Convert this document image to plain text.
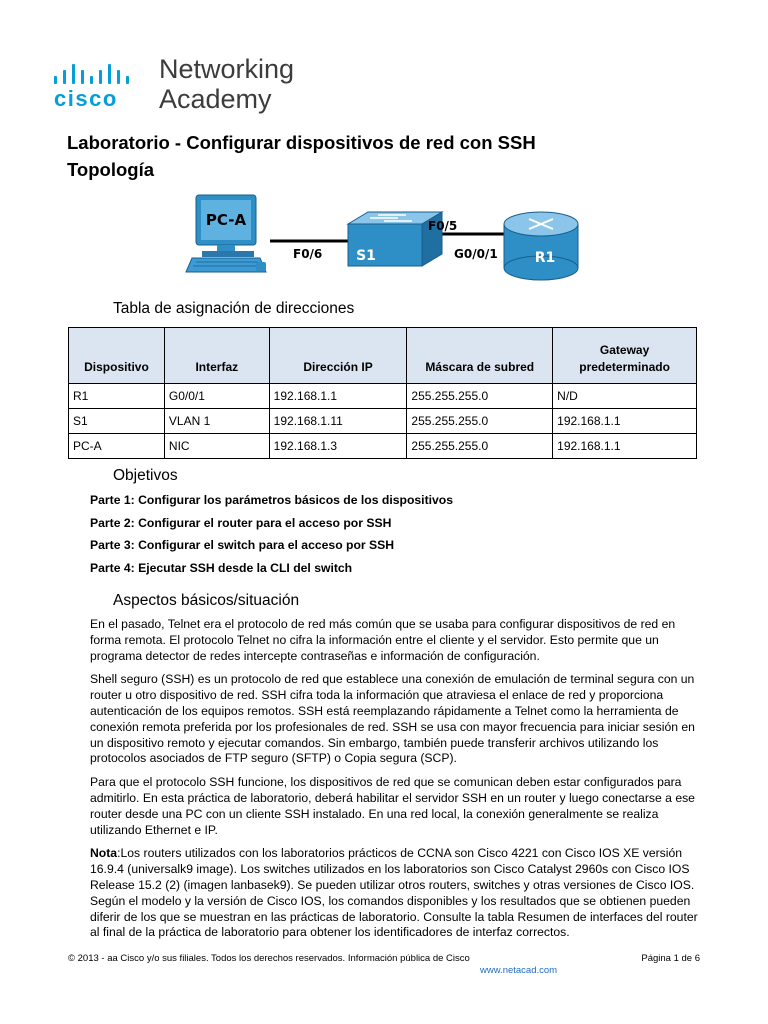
cisco
Networking
Academy
Laboratorio - Configurar dispositivos de red con SSH
Topología
PC-A
S1	R1
F0/6
F0/5
G0/0/1
Tabla de asignación de direcciones
Dispositivo	Interfaz	Dirección IP	Máscara de subred	Gateway predeterminado
R1	G0/0/1	192.168.1.1	255.255.255.0	N/D
S1	VLAN 1	192.168.1.11	255.255.255.0	192.168.1.1
PC-A	NIC	192.168.1.3	255.255.255.0	192.168.1.1
Objetivos
Parte 1: Configurar los parámetros básicos de los dispositivos
Parte 2: Configurar el router para el acceso por SSH
Parte 3: Configurar el switch para el acceso por SSH
Parte 4: Ejecutar SSH desde la CLI del switch
Aspectos básicos/situación

En el pasado, Telnet era el protocolo de red más común que se usaba para configurar dispositivos de red en forma remota. El protocolo Telnet no cifra la información entre el cliente y el servidor. Esto permite que un programa detector de redes intercepte contraseñas e información de configuración.

Shell seguro (SSH) es un protocolo de red que establece una conexión de emulación de terminal segura con un router u otro dispositivo de red. SSH cifra toda la información que atraviesa el enlace de red y proporciona autenticación de los equipos remotos. SSH está reemplazando rápidamente a Telnet como la herramienta de conexión remota preferida por los profesionales de red. SSH se usa con mayor frecuencia para iniciar sesión en un dispositivo remoto y ejecutar comandos. Sin embargo, también puede transferir archivos utilizando los protocolos asociados de FTP seguro (SFTP) o Copia segura (SCP).

Para que el protocolo SSH funcione, los dispositivos de red que se comunican deben estar configurados para admitirlo. En esta práctica de laboratorio, deberá habilitar el servidor SSH en un router y luego conectarse a ese router desde una PC con un cliente SSH instalado. En una red local, la conexión generalmente se realiza utilizando Ethernet e IP.

Nota:Los routers utilizados con los laboratorios prácticos de CCNA son Cisco 4221 con Cisco IOS XE versión 16.9.4 (universalk9 image). Los switches utilizados en los laboratorios son Cisco Catalyst 2960s con Cisco IOS Release 15.2 (2) (imagen lanbasek9). Se pueden utilizar otros routers, switches y otras versiones de Cisco IOS. Según el modelo y la versión de Cisco IOS, los comandos disponibles y los resultados que se obtienen pueden diferir de los que se muestran en las prácticas de laboratorio. Consulte la tabla Resumen de interfaces del router al final de la práctica de laboratorio para obtener los identificadores de interfaz correctos.

© 2013 - aa Cisco y/o sus filiales. Todos los derechos reservados. Información pública de Cisco	Página 1 de 6
www.netacad.com
